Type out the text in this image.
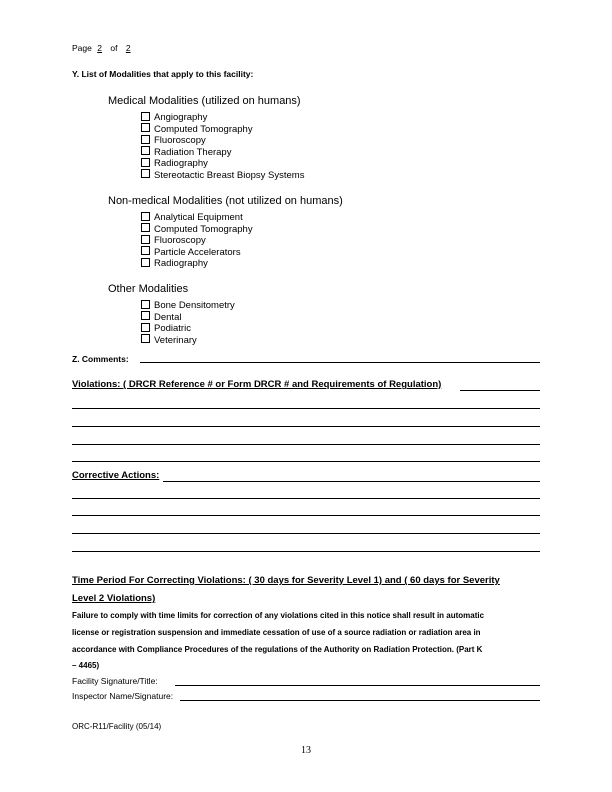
Page 2 of 2
Y. List of Modalities that apply to this facility:
Medical Modalities (utilized on humans)
Angiography
Computed Tomography
Fluoroscopy
Radiation Therapy
Radiography
Stereotactic Breast Biopsy Systems
Non-medical Modalities (not utilized on humans)
Analytical Equipment
Computed Tomography
Fluoroscopy
Particle Accelerators
Radiography
Other Modalities
Bone Densitometry
Dental
Podiatric
Veterinary
Z. Comments:
Violations: ( DRCR Reference # or Form DRCR # and Requirements of Regulation)
Corrective Actions:
Time Period For Correcting Violations: ( 30 days for Severity Level 1) and ( 60 days for Severity
Level 2 Violations)
Failure to comply with time limits for correction of any violations cited in this notice shall result in automatic
license or registration suspension and immediate cessation of use of a source radiation or radiation area in
accordance with Compliance Procedures of the regulations of the Authority on Radiation Protection. (Part K
– 4465)
Facility Signature/Title:
Inspector Name/Signature:
ORC-R11/Facility (05/14)
13
